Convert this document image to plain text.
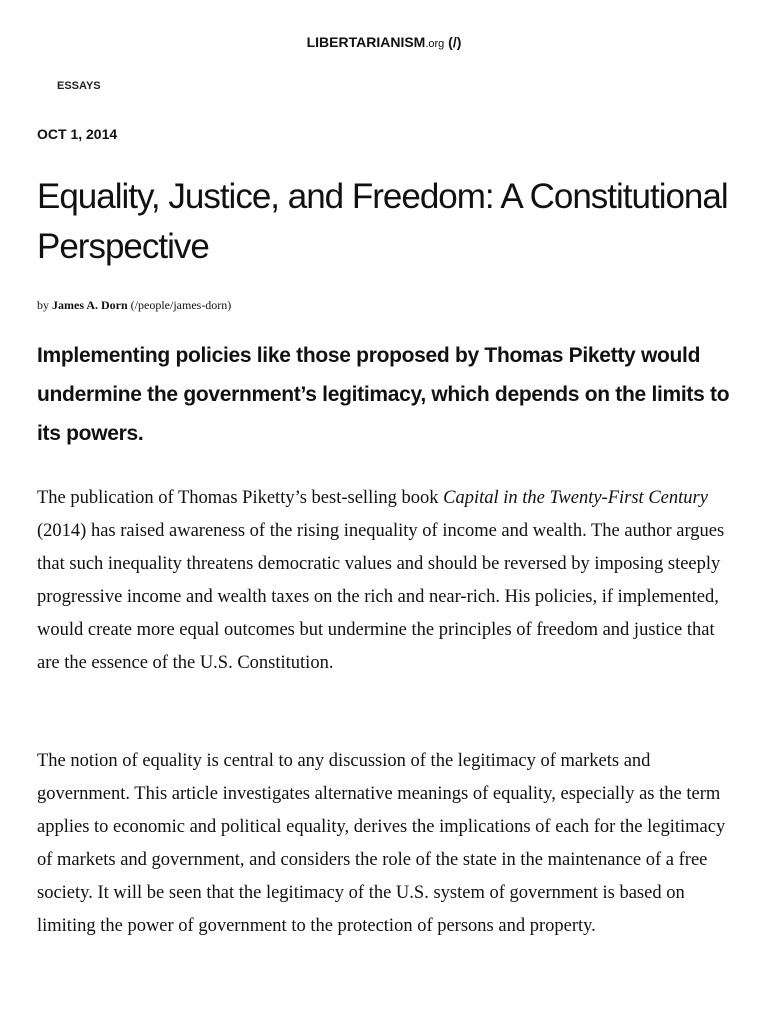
LIBERTARIANISM.org (/)
ESSAYS
OCT 1, 2014
Equality, Justice, and Freedom: A Constitutional Perspective
by James A. Dorn (/people/james-dorn)

Implementing policies like those proposed by Thomas Piketty would undermine the government’s legitimacy, which depends on the limits to its powers.

The publication of Thomas Piketty’s best-selling book Capital in the Twenty-First Century (2014) has raised awareness of the rising inequality of income and wealth. The author argues that such inequality threatens democratic values and should be reversed by imposing steeply progressive income and wealth taxes on the rich and near-rich. His policies, if implemented, would create more equal outcomes but undermine the principles of freedom and justice that are the essence of the U.S. Constitution.

The notion of equality is central to any discussion of the legitimacy of markets and government. This article investigates alternative meanings of equality, especially as the term applies to economic and political equality, derives the implications of each for the legitimacy of markets and government, and considers the role of the state in the maintenance of a free society. It will be seen that the legitimacy of the U.S. system of government is based on limiting the power of government to the protection of persons and property.
